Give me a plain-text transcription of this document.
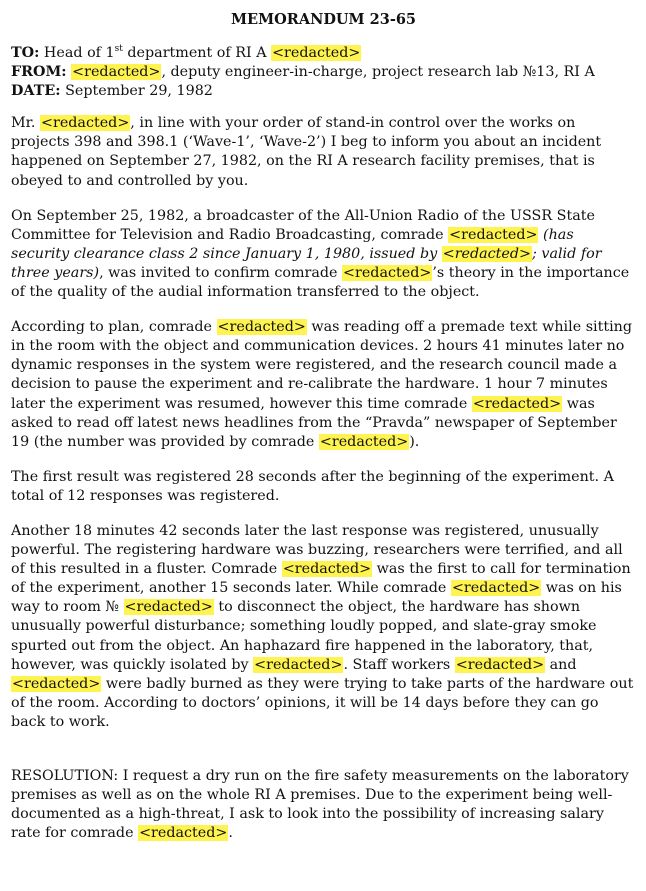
MEMORANDUM 23-65
TO: Head of 1st department of RI A <redacted>
FROM: <redacted>, deputy engineer-in-charge, project research lab №13, RI A
DATE: September 29, 1982

Mr. <redacted>, in line with your order of stand-in control over the works on projects 398 and 398.1 (‘Wave-1’, ‘Wave-2’) I beg to inform you about an incident happened on September 27, 1982, on the RI A research facility premises, that is obeyed to and controlled by you.

On September 25, 1982, a broadcaster of the All-Union Radio of the USSR State Committee for Television and Radio Broadcasting, comrade <redacted> (has security clearance class 2 since January 1, 1980, issued by <redacted>; valid for three years), was invited to confirm comrade <redacted>’s theory in the importance of the quality of the audial information transferred to the object.

According to plan, comrade <redacted> was reading off a premade text while sitting in the room with the object and communication devices. 2 hours 41 minutes later no dynamic responses in the system were registered, and the research council made a decision to pause the experiment and re-calibrate the hardware. 1 hour 7 minutes later the experiment was resumed, however this time comrade <redacted> was asked to read off latest news headlines from the “Pravda” newspaper of September 19 (the number was provided by comrade <redacted>).

The first result was registered 28 seconds after the beginning of the experiment. A total of 12 responses was registered.

Another 18 minutes 42 seconds later the last response was registered, unusually powerful. The registering hardware was buzzing, researchers were terrified, and all of this resulted in a fluster. Comrade <redacted> was the first to call for termination of the experiment, another 15 seconds later. While comrade <redacted> was on his way to room № <redacted> to disconnect the object, the hardware has shown unusually powerful disturbance; something loudly popped, and slate-gray smoke spurted out from the object. An haphazard fire happened in the laboratory, that, however, was quickly isolated by <redacted>. Staff workers <redacted> and <redacted> were badly burned as they were trying to take parts of the hardware out of the room. According to doctors’ opinions, it will be 14 days before they can go back to work.

RESOLUTION: I request a dry run on the fire safety measurements on the laboratory premises as well as on the whole RI A premises. Due to the experiment being well-documented as a high-threat, I ask to look into the possibility of increasing salary rate for comrade <redacted>.
